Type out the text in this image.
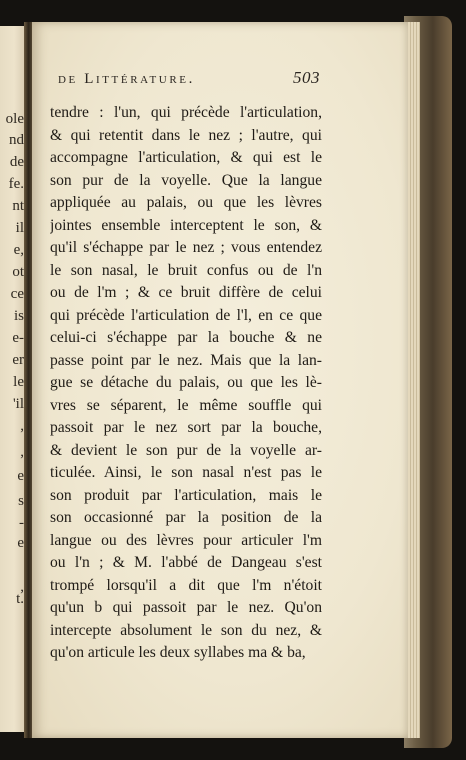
ole
nd
de
fe.
nt
il
e,
ot
ce
is
e-
er
le
'il
,
,
e
s
-
e
,
t.
de Littérature.	503
tendre : l'un, qui précède l'articulation,
& qui retentit dans le nez ; l'autre, qui
accompagne l'articulation, & qui est le
son pur de la voyelle. Que la langue
appliquée au palais, ou que les lèvres
jointes ensemble interceptent le son, &
qu'il s'échappe par le nez ; vous entendez
le son nasal, le bruit confus ou de l'n
ou de l'm ; & ce bruit diffère de celui
qui précède l'articulation de l'l, en ce que
celui-ci s'échappe par la bouche & ne
passe point par le nez. Mais que la lan-
gue se détache du palais, ou que les lè-
vres se séparent, le même souffle qui
passoit par le nez sort par la bouche,
& devient le son pur de la voyelle ar-
ticulée. Ainsi, le son nasal n'est pas le
son produit par l'articulation, mais le
son occasionné par la position de la
langue ou des lèvres pour articuler l'm
ou l'n ; & M. l'abbé de Dangeau s'est
trompé lorsqu'il a dit que l'm n'étoit
qu'un b qui passoit par le nez. Qu'on
intercepte absolument le son du nez, &
qu'on articule les deux syllabes ma & ba,
